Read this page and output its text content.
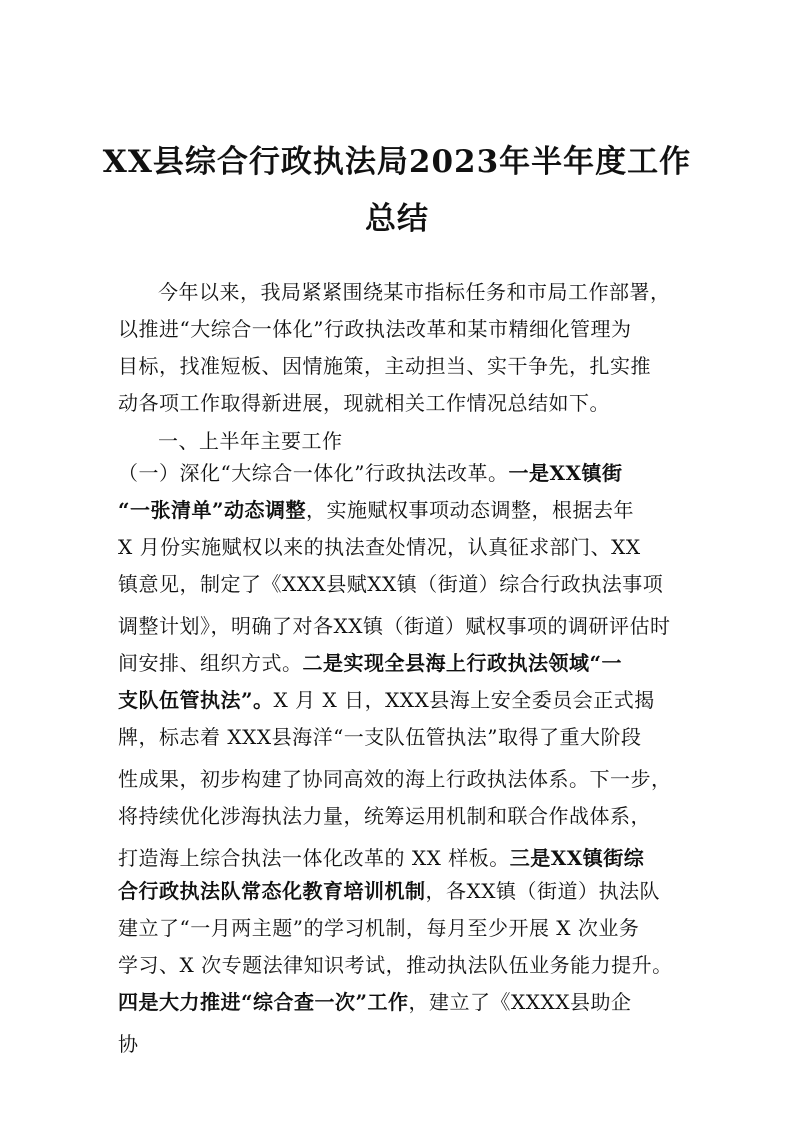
XX县综合行政执法局2023年半年度工作
总结
今年以来，我局紧紧围绕某市指标任务和市局工作部署，
以推进“大综合一体化”行政执法改革和某市精细化管理为
目标，找准短板、因情施策，主动担当、实干争先，扎实推
动各项工作取得新进展，现就相关工作情况总结如下。
一、上半年主要工作
（一）深化“大综合一体化”行政执法改革。一是XX镇街
“一张清单”动态调整，实施赋权事项动态调整，根据去年
X 月份实施赋权以来的执法查处情况，认真征求部门、XX
镇意见，制定了《XXX县赋XX镇（街道）综合行政执法事项
调整计划》，明确了对各XX镇（街道）赋权事项的调研评估时
间安排、组织方式。二是实现全县海上行政执法领域“一
支队伍管执法”。X 月 X 日，XXX县海上安全委员会正式揭
牌，标志着 XXX县海洋“一支队伍管执法”取得了重大阶段
性成果，初步构建了协同高效的海上行政执法体系。下一步，
将持续优化涉海执法力量，统筹运用机制和联合作战体系，
打造海上综合执法一体化改革的 XX 样板。三是XX镇街综
合行政执法队常态化教育培训机制，各XX镇（街道）执法队
建立了“一月两主题”的学习机制，每月至少开展 X 次业务
学习、X 次专题法律知识考试，推动执法队伍业务能力提升。
四是大力推进“综合查一次”工作，建立了《XXXX县助企
协
